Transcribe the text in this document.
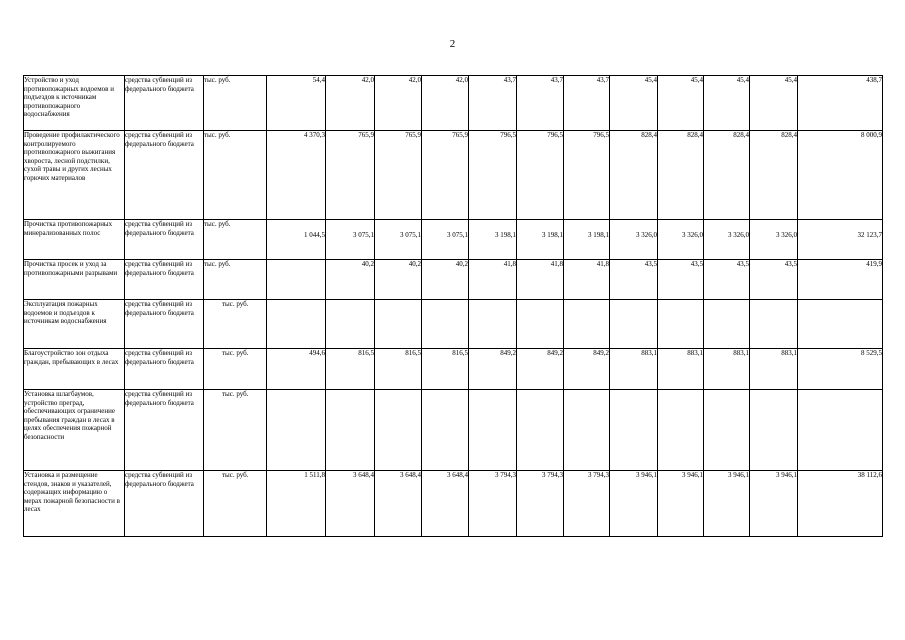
2
Устройство и уход противопожарных водоемов и подъездов к источникам противопожарного водоснабжения	средства субвенций из федерального бюджета	тыс. руб.	54,4	42,0	42,0	42,0	43,7	43,7	43,7	45,4	45,4	45,4	45,4	438,7
Проведение профилактического контролируемого противопожарного выжигания хвороста, лесной подстилки, сухой травы и других лесных горючих материалов	средства субвенций из федерального бюджета	тыс. руб.	4 370,3	765,9	765,9	765,9	796,5	796,5	796,5	828,4	828,4	828,4	828,4	8 000,9
Прочистка противопожарных минерализованных полос	средства субвенций из федерального бюджета	тыс. руб.	1 044,5	3 075,1	3 075,1	3 075,1	3 198,1	3 198,1	3 198,1	3 326,0	3 326,0	3 326,0	3 326,0	32 123,7
Прочистка просек и уход за противопожарными разрывами	средства субвенций из федерального бюджета	тыс. руб.		40,2	40,2	40,2	41,8	41,8	41,8	43,5	43,5	43,5	43,5	419,9
Эксплуатация пожарных водоемов и подъездов к источникам водоснабжения	средства субвенций из федерального бюджета	тыс. руб.												
Благоустройство зон отдыха граждан, пребывающих в лесах	средства субвенций из федерального бюджета	тыс. руб.	494,6	816,5	816,5	816,5	849,2	849,2	849,2	883,1	883,1	883,1	883,1	8 529,5
Установка шлагбаумов, устройство преград, обеспечивающих ограничение пребывания граждан в лесах в целях обеспечения пожарной безопасности	средства субвенций из федерального бюджета	тыс. руб.												
Установка и размещение стендов, знаков и указателей, содержащих информацию о мерах пожарной безопасности в лесах	средства субвенций из федерального бюджета	тыс. руб.	1 511,8	3 648,4	3 648,4	3 648,4	3 794,3	3 794,3	3 794,3	3 946,1	3 946,1	3 946,1	3 946,1	38 112,6
